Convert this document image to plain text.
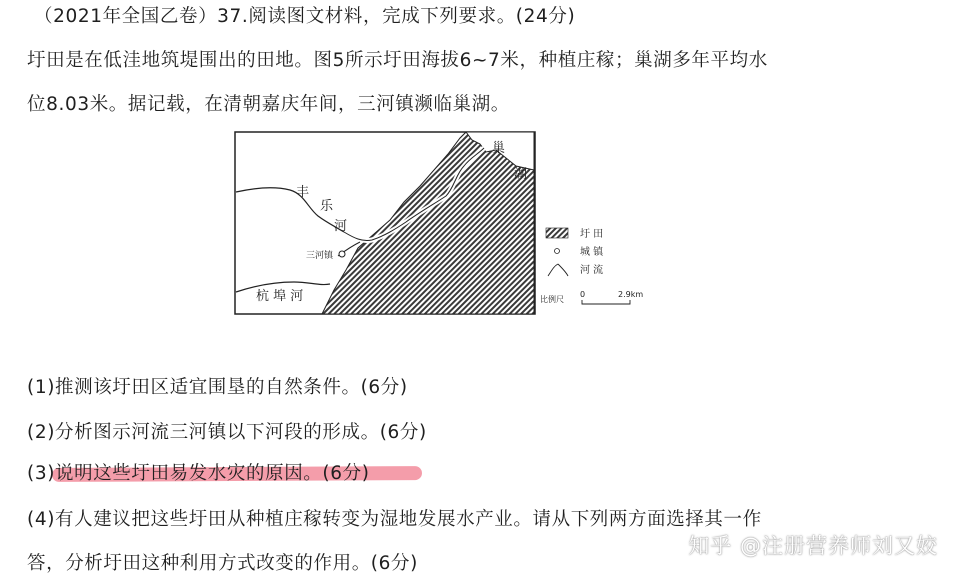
（2021年全国乙卷）37.阅读图文材料，完成下列要求。(24分)
圩田是在低洼地筑堤围出的田地。图5所示圩田海拔6~7米，种植庄稼；巢湖多年平均水
位8.03米。据记载，在清朝嘉庆年间，三河镇濒临巢湖。
巢
湖
丰
乐
河
三河镇
杭 埠 河
圩 田
城 镇
河 流
比例尺
0	2.9km
(1)推测该圩田区适宜围垦的自然条件。(6分)
(2)分析图示河流三河镇以下河段的形成。(6分)
(3)说明这些圩田易发水灾的原因。(6分)
(4)有人建议把这些圩田从种植庄稼转变为湿地发展水产业。请从下列两方面选择其一作
答，分析圩田这种利用方式改变的作用。(6分)
知乎 @注册营养师刘又姣
